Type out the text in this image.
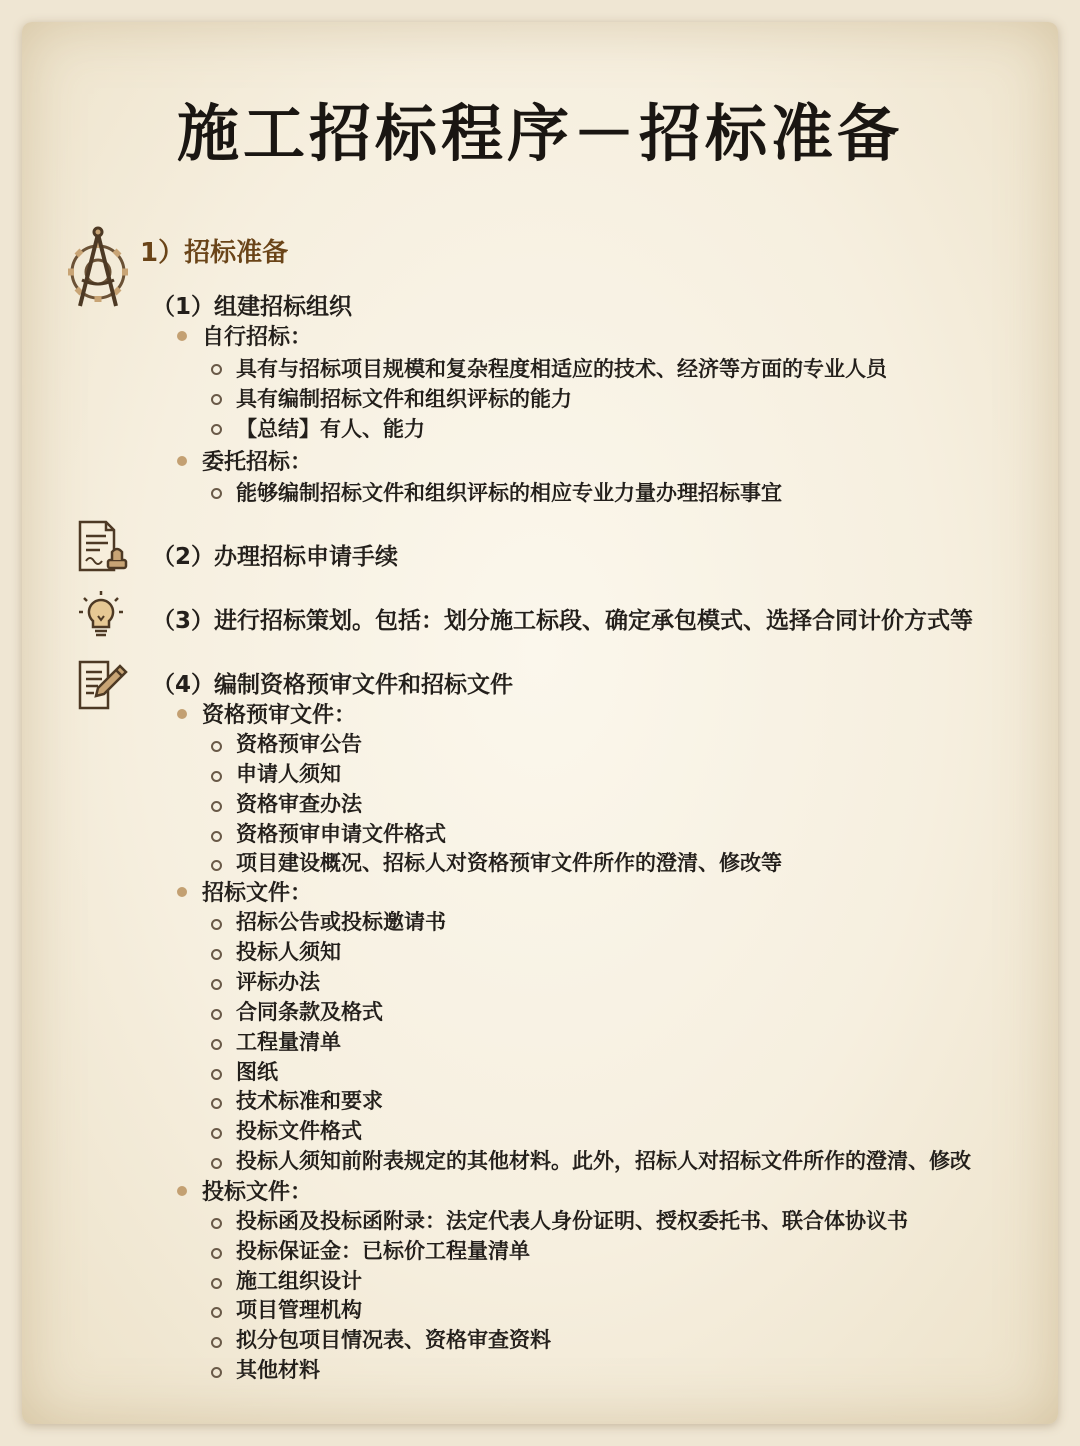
施工招标程序－招标准备
1）招标准备
（1）组建招标组织
自行招标：
具有与招标项目规模和复杂程度相适应的技术、经济等方面的专业人员
具有编制招标文件和组织评标的能力
【总结】有人、能力
委托招标：
能够编制招标文件和组织评标的相应专业力量办理招标事宜
（2）办理招标申请手续
（3）进行招标策划。包括：划分施工标段、确定承包模式、选择合同计价方式等
（4）编制资格预审文件和招标文件
资格预审文件：
资格预审公告
申请人须知
资格审查办法
资格预审申请文件格式
项目建设概况、招标人对资格预审文件所作的澄清、修改等
招标文件：
招标公告或投标邀请书
投标人须知
评标办法
合同条款及格式
工程量清单
图纸
技术标准和要求
投标文件格式
投标人须知前附表规定的其他材料。此外，招标人对招标文件所作的澄清、修改
投标文件：
投标函及投标函附录：法定代表人身份证明、授权委托书、联合体协议书
投标保证金：已标价工程量清单
施工组织设计
项目管理机构
拟分包项目情况表、资格审查资料
其他材料
